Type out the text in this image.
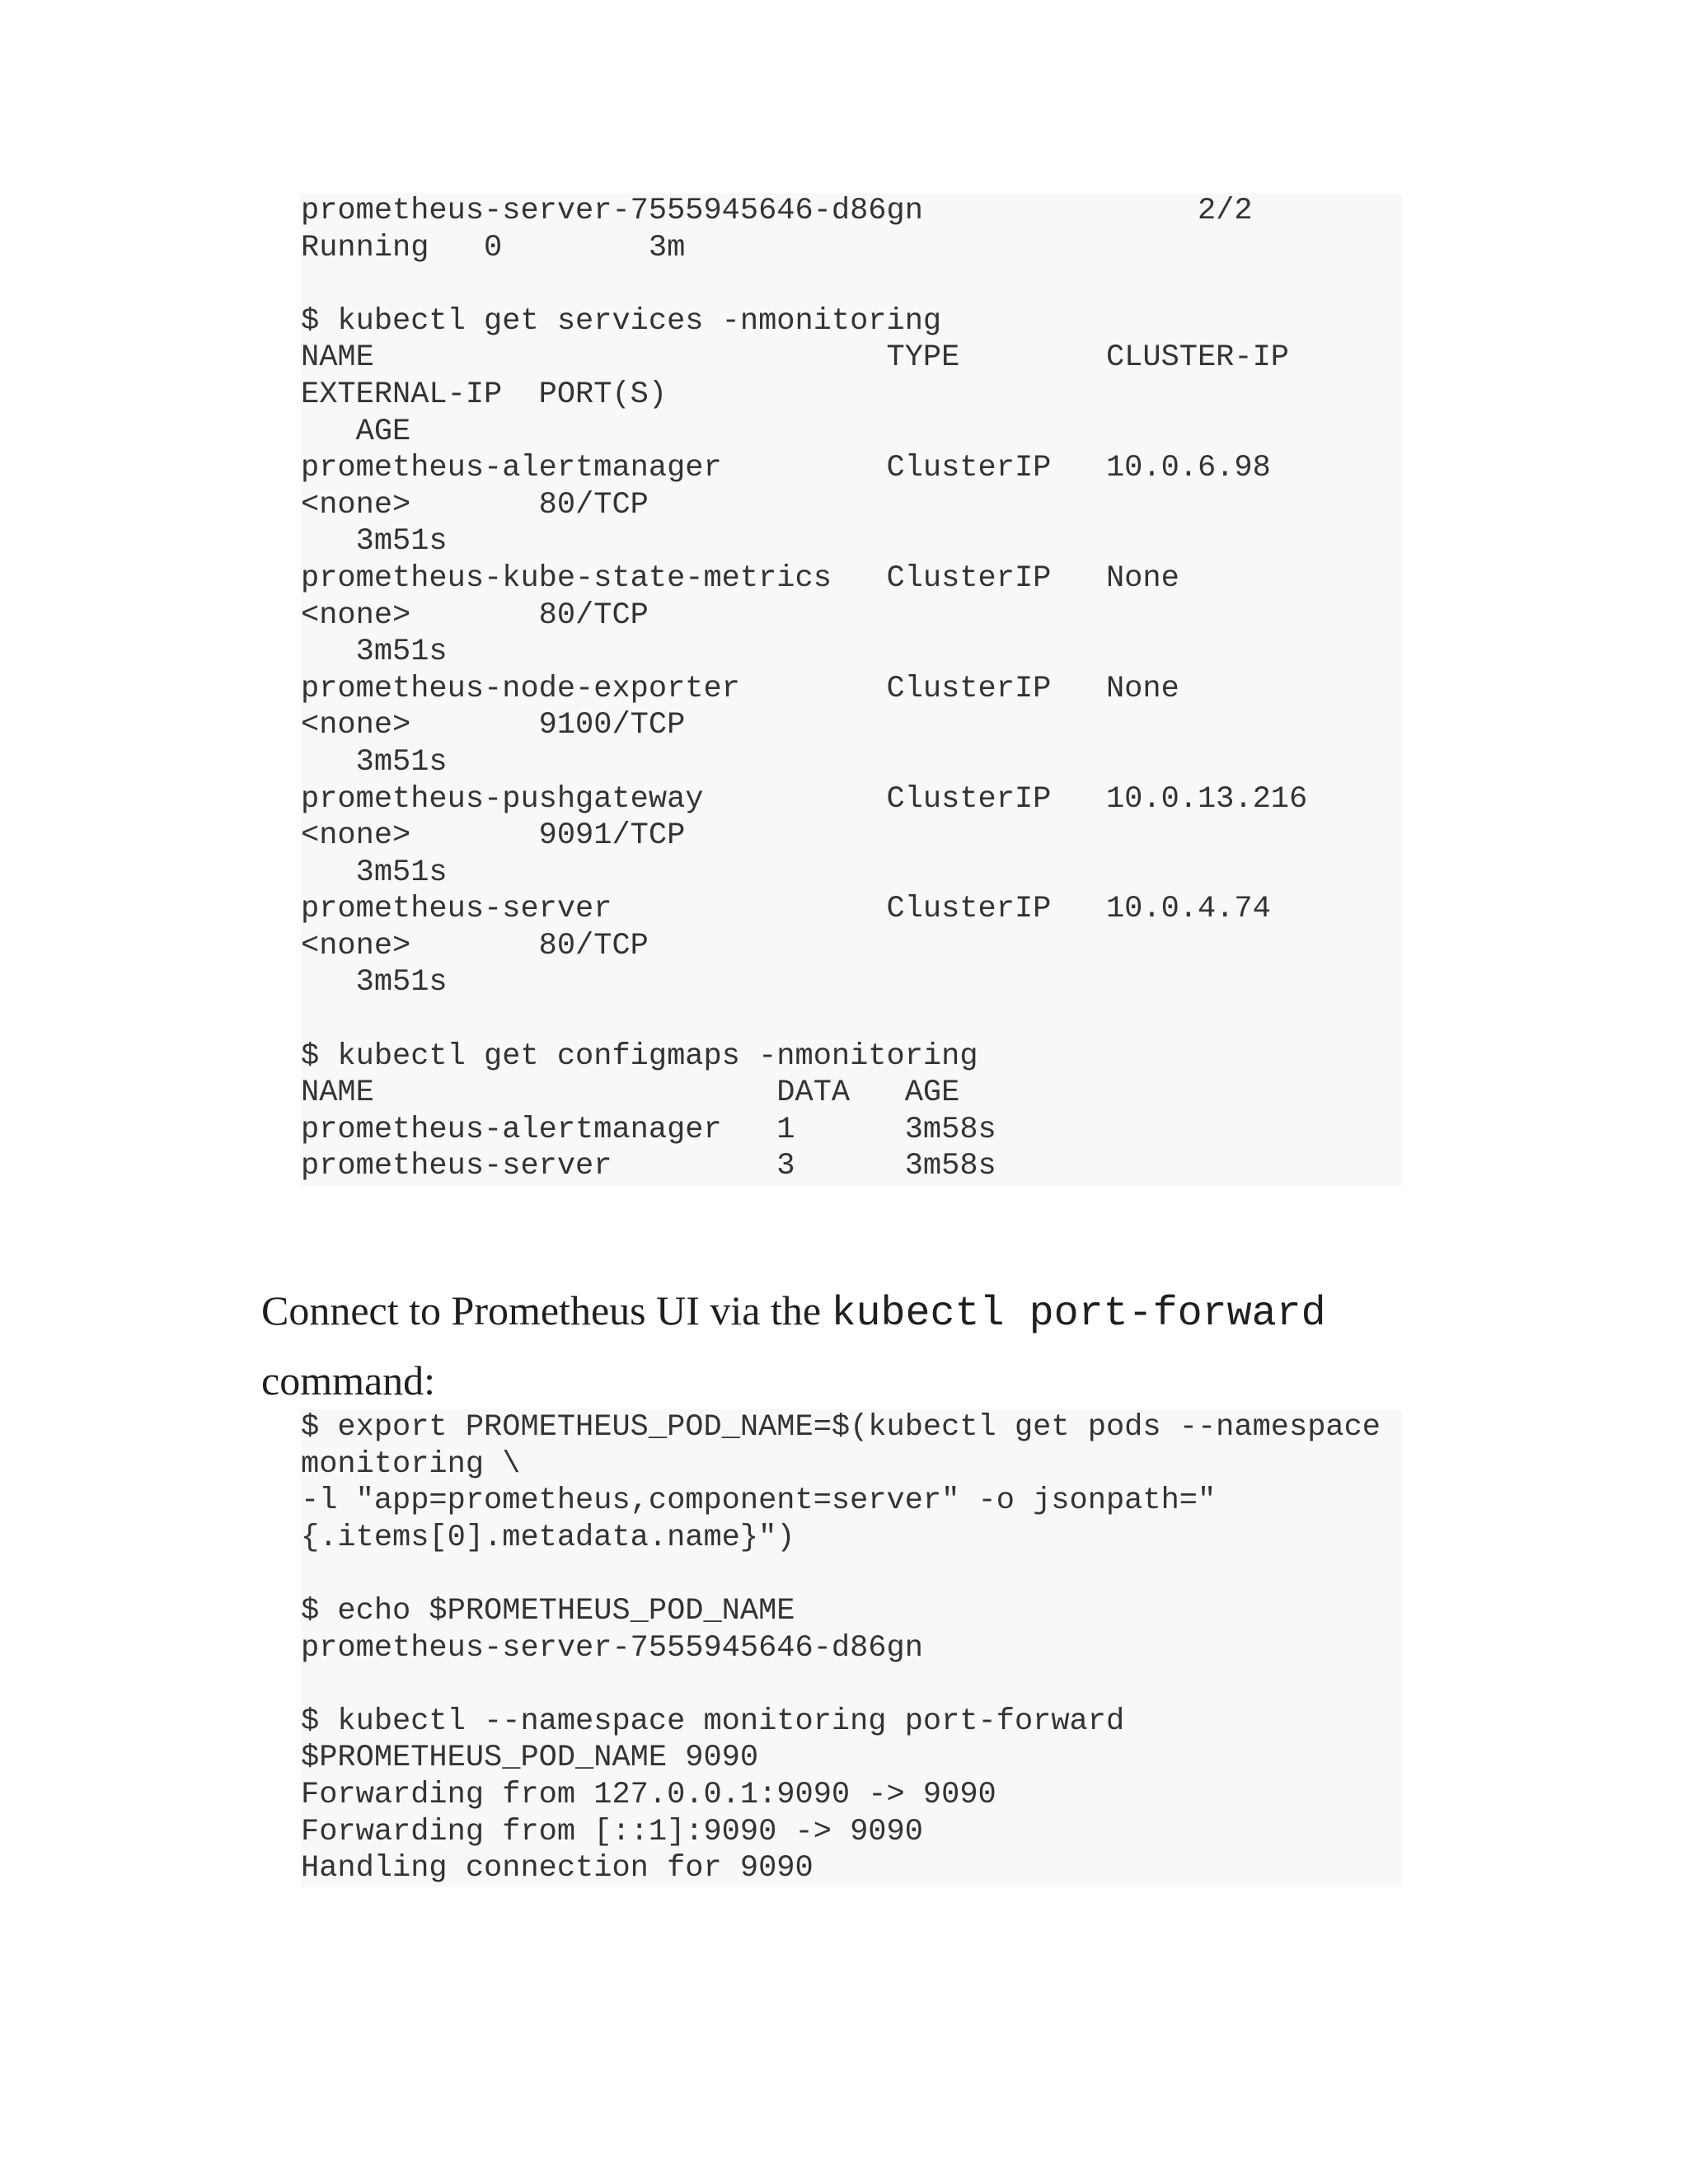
prometheus-server-7555945646-d86gn               2/2
Running   0        3m
$ kubectl get services -nmonitoring
NAME                            TYPE        CLUSTER-IP
EXTERNAL-IP  PORT(S)
AGE
prometheus-alertmanager         ClusterIP   10.0.6.98
<none>       80/TCP
3m51s
prometheus-kube-state-metrics   ClusterIP   None
<none>       80/TCP
3m51s
prometheus-node-exporter        ClusterIP   None
<none>       9100/TCP
3m51s
prometheus-pushgateway          ClusterIP   10.0.13.216
<none>       9091/TCP
3m51s
prometheus-server               ClusterIP   10.0.4.74
<none>       80/TCP
3m51s
$ kubectl get configmaps -nmonitoring
NAME                      DATA   AGE
prometheus-alertmanager   1      3m58s
prometheus-server         3      3m58s

Connect to Prometheus UI via the kubectl port-forward command:

$ export PROMETHEUS_POD_NAME=$(kubectl get pods --namespace
monitoring \
-l "app=prometheus,component=server" -o jsonpath="
{.items[0].metadata.name}")
$ echo $PROMETHEUS_POD_NAME
prometheus-server-7555945646-d86gn
$ kubectl --namespace monitoring port-forward
$PROMETHEUS_POD_NAME 9090
Forwarding from 127.0.0.1:9090 -> 9090
Forwarding from [::1]:9090 -> 9090
Handling connection for 9090
